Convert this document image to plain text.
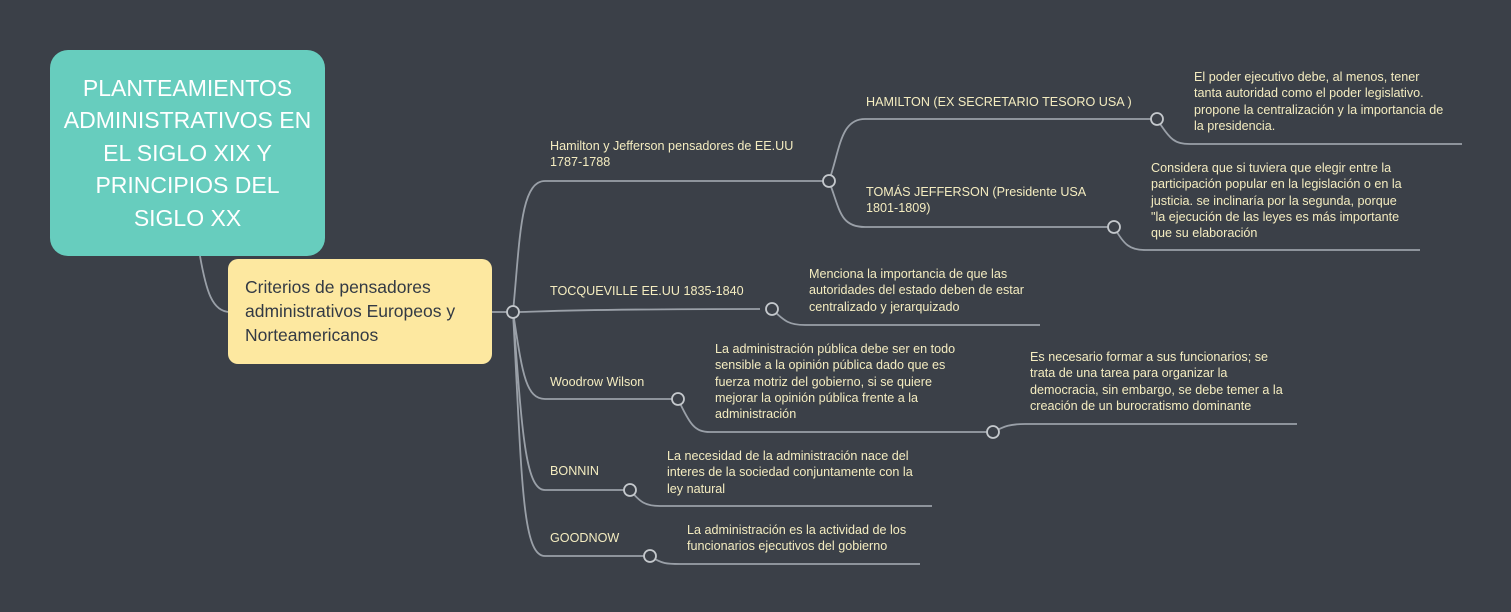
PLANTEAMIENTOS ADMINISTRATIVOS EN EL SIGLO XIX Y PRINCIPIOS DEL SIGLO XX
Criterios de pensadores administrativos Europeos y Norteamericanos
Hamilton y Jefferson pensadores de EE.UU
1787-1788
HAMILTON (EX SECRETARIO TESORO USA )
El poder ejecutivo debe, al menos, tener
tanta autoridad como el poder legislativo.
propone la centralización y la importancia de
la presidencia.
TOMÁS JEFFERSON (Presidente USA
1801-1809)
Considera que si tuviera que elegir entre la
participación popular en la legislación o en la
justicia. se inclinaría por la segunda, porque
"la ejecución de las leyes es más importante
que su elaboración
TOCQUEVILLE EE.UU 1835-1840
Menciona la importancia de que las
autoridades del estado deben de estar
centralizado y jerarquizado
Woodrow Wilson
La administración pública debe ser en todo
sensible a la opinión pública dado que es
fuerza motriz del gobierno, si se quiere
mejorar la opinión pública frente a la
administración
Es necesario formar a sus funcionarios; se
trata de una tarea para organizar la
democracia, sin embargo, se debe temer a la
creación de un burocratismo dominante
BONNIN
La necesidad de la administración nace del
interes de la sociedad conjuntamente con la
ley natural
GOODNOW
La administración es la actividad de los
funcionarios ejecutivos del gobierno
